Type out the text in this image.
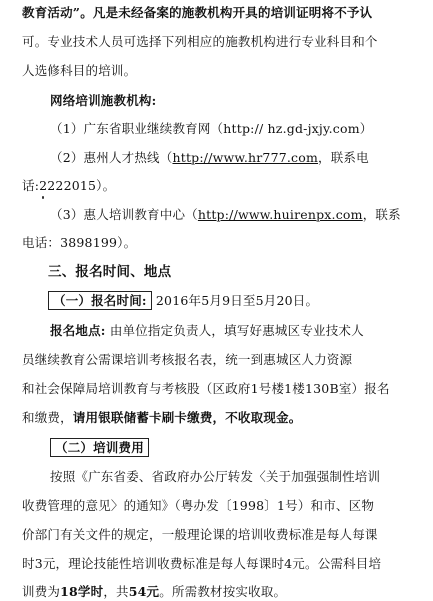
教育活动”。凡是未经备案的施教机构开具的培训证明将不予认
可。专业技术人员可选择下列相应的施教机构进行专业科目和个
人选修科目的培训。
网络培训施教机构:
（1）广东省职业继续教育网（http:// hz.gd-jxjy.com）
（2）惠州人才热线（http://www.hr777.com，联系电
话:2222015）。
（3）惠人培训教育中心（http://www.huirenpx.com，联系
电话：3898199）。
三、报名时间、地点
（一）报名时间: 2016年5月9日至5月20日。
报名地点: 由单位指定负责人，填写好惠城区专业技术人
员继续教育公需课培训考核报名表，统一到惠城区人力资源
和社会保障局培训教育与考核股（区政府1号楼1楼130B室）报名
和缴费，请用银联储蓄卡刷卡缴费，不收取现金。
（二）培训费用
按照《广东省委、省政府办公厅转发〈关于加强强制性培训
收费管理的意见〉的通知》（粤办发〔1998〕1号）和市、区物
价部门有关文件的规定，一般理论课的培训收费标准是每人每课
时3元，理论技能性培训收费标准是每人每课时4元。公需科目培
训费为18学时，共54元。所需教材按实收取。
